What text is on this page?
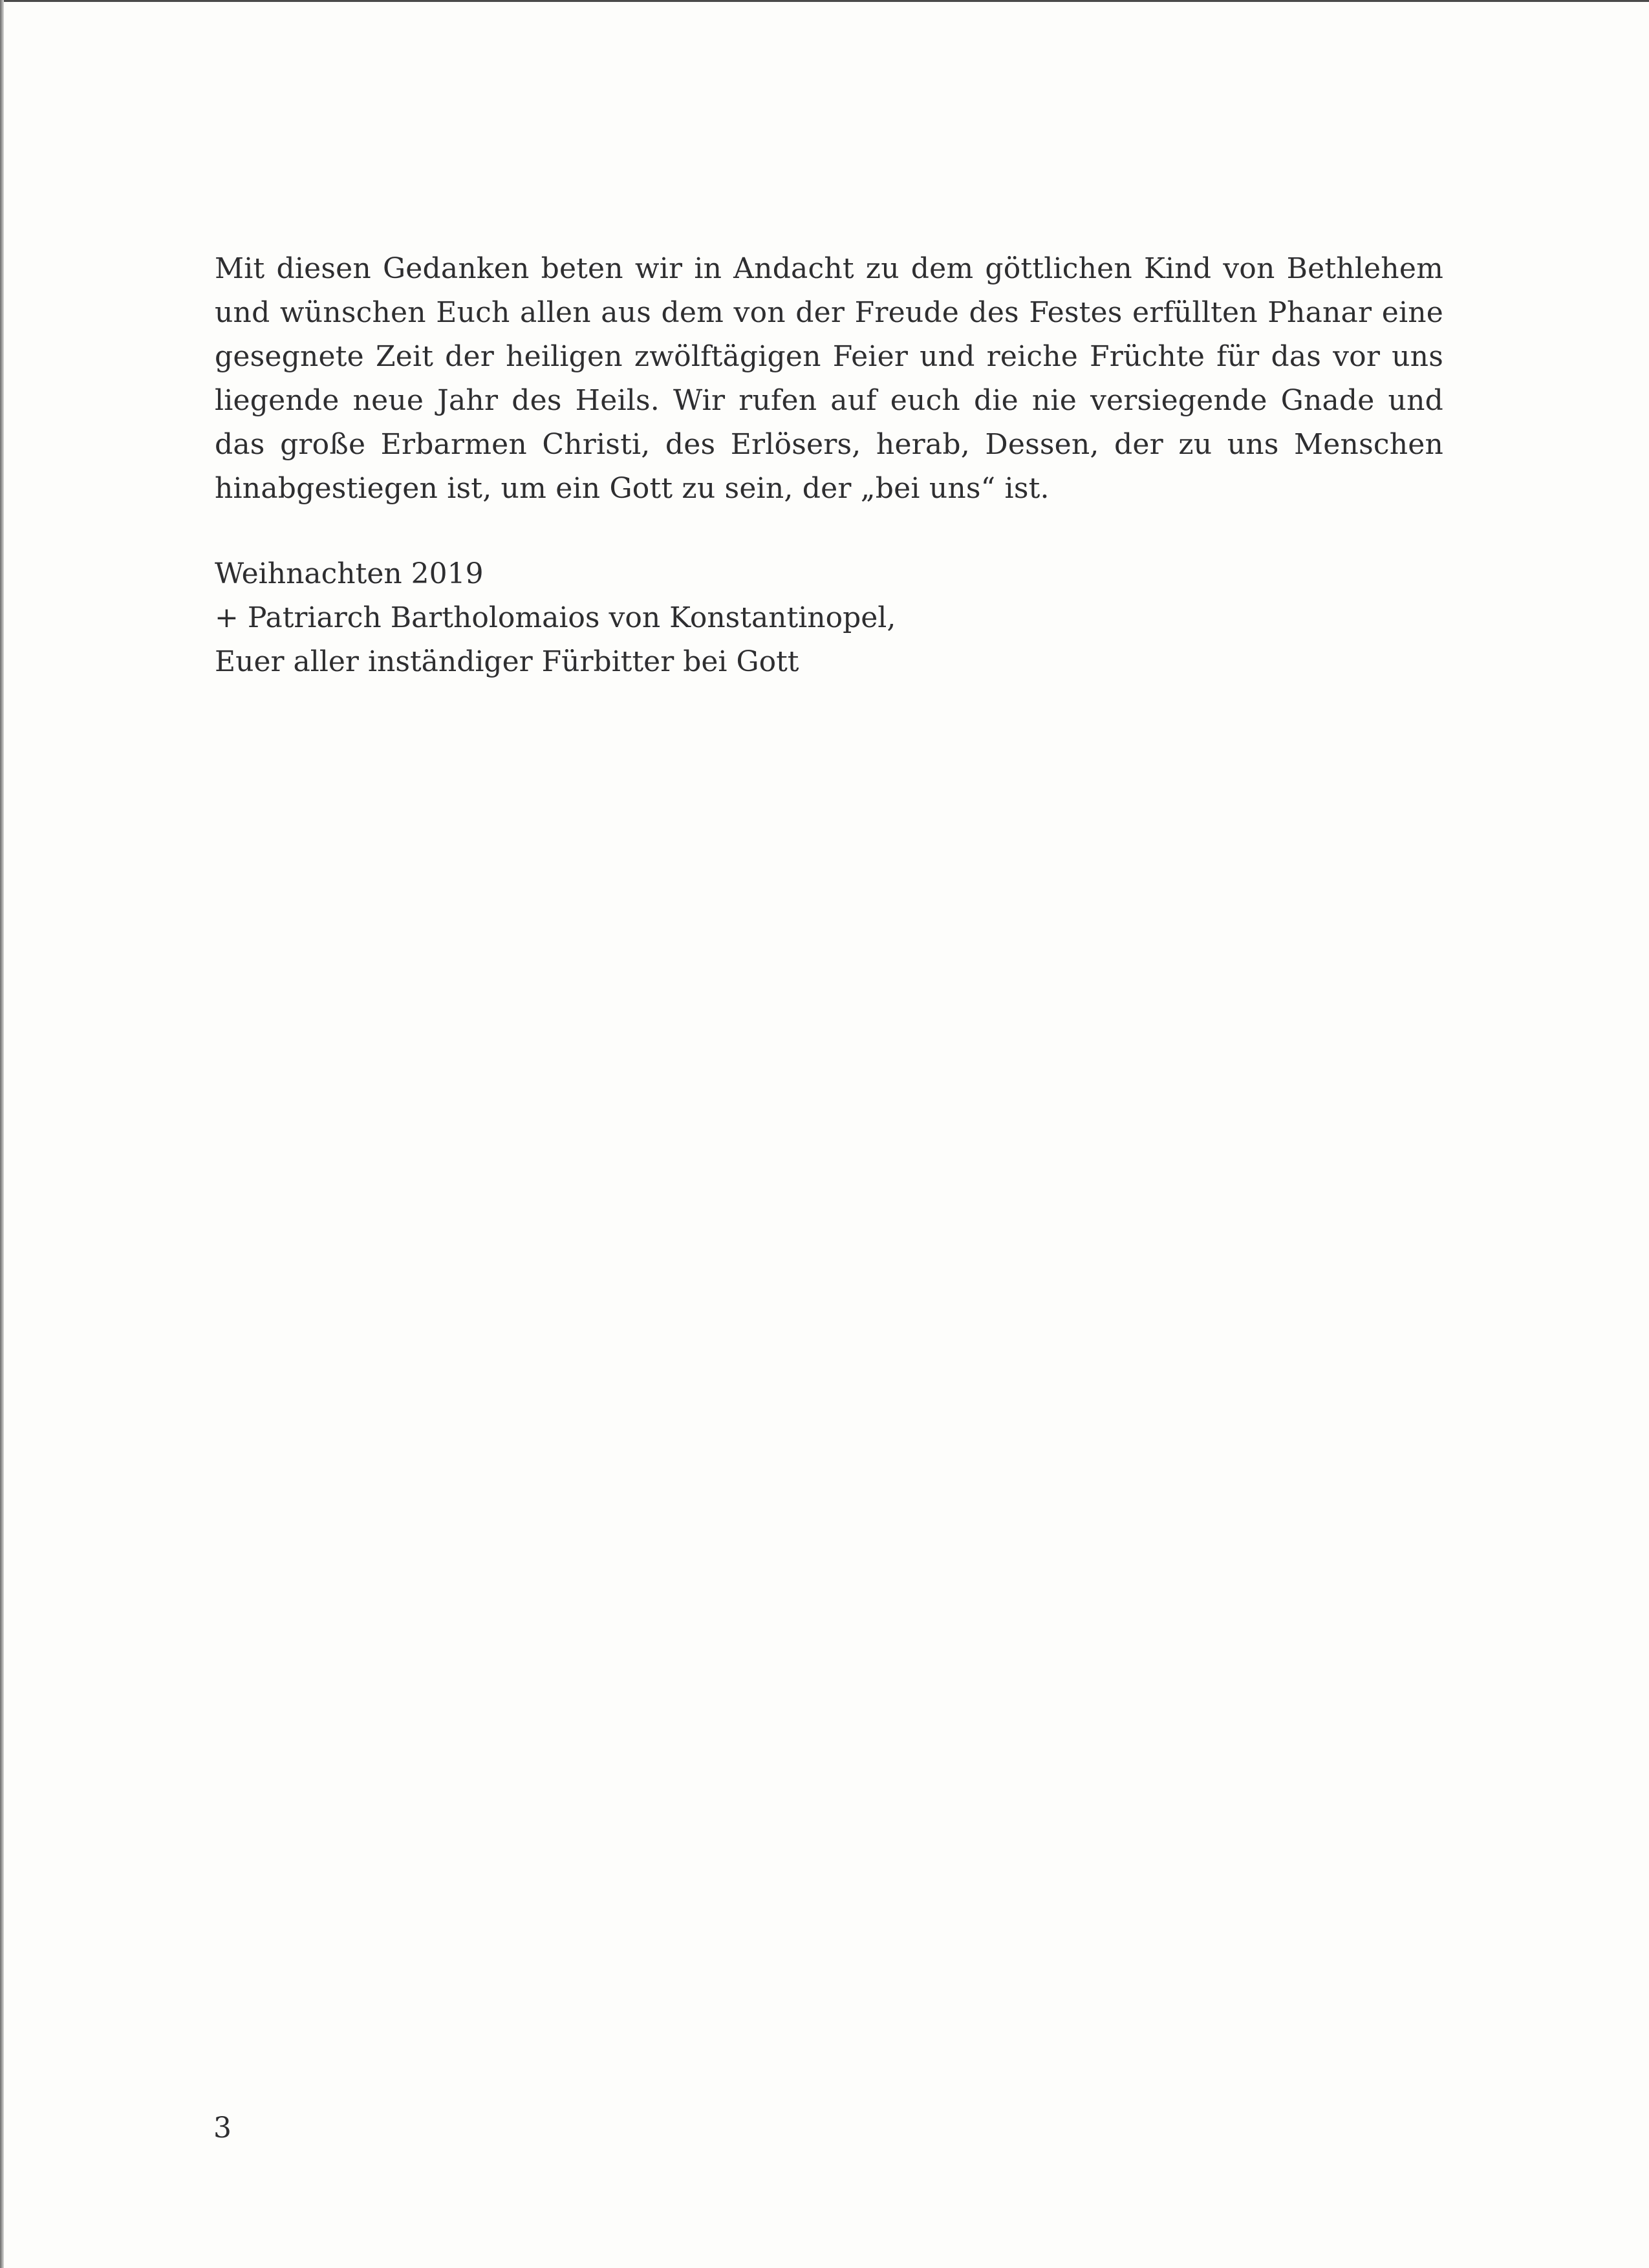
Mit diesen Gedanken beten wir in Andacht zu dem göttlichen Kind von Bethlehem und wünschen Euch allen aus dem von der Freude des Festes erfüllten Phanar eine gesegnete Zeit der heiligen zwölftägigen Feier und reiche Früchte für das vor uns liegende neue Jahr des Heils. Wir rufen auf euch die nie versiegende Gnade und das große Erbarmen Christi, des Erlösers, herab, Dessen, der zu uns Menschen hinabgestiegen ist, um ein Gott zu sein, der „bei uns“ ist.

Weihnachten 2019
+ Patriarch Bartholomaios von Konstantinopel,
Euer aller inständiger Fürbitter bei Gott
3
